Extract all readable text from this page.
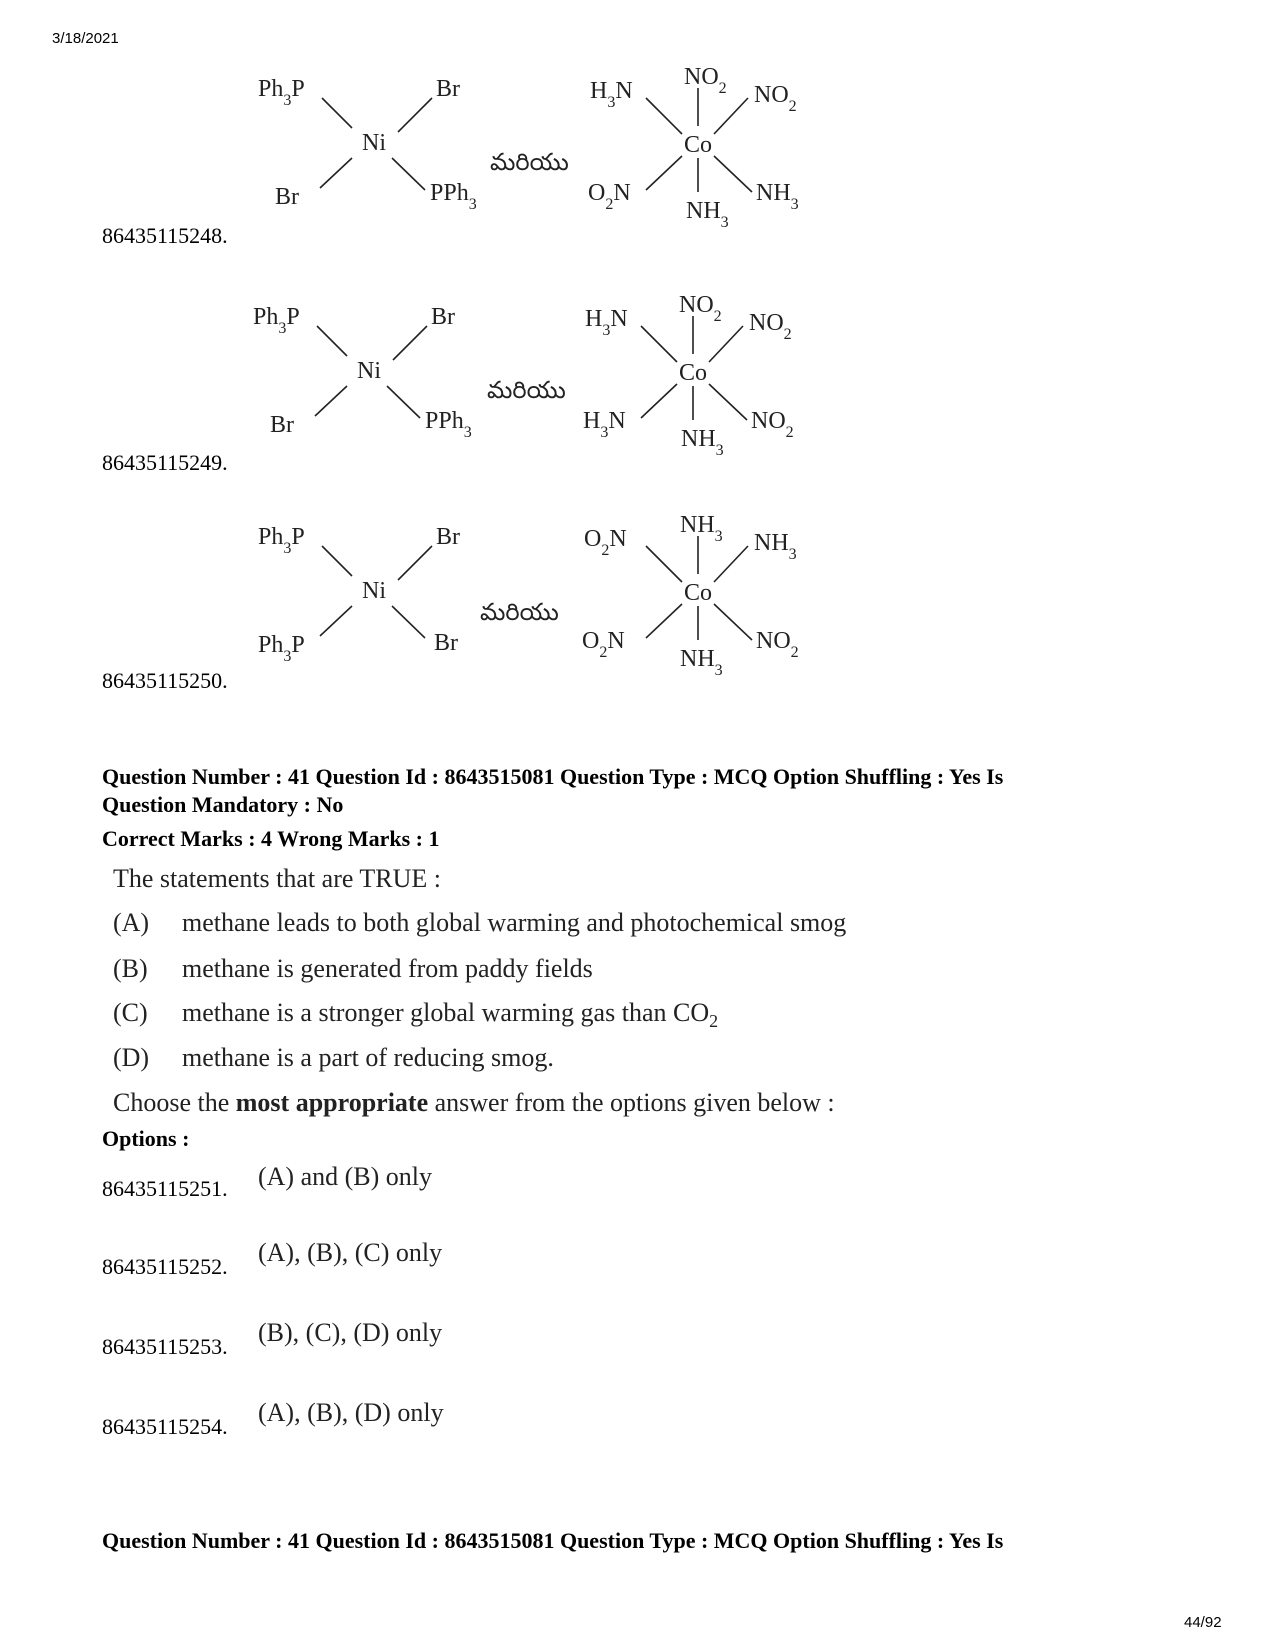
3/18/2021
86435115248.
Ni
$Ph_3P$	Br
Br	PPh$_3$
మరియు
Co
$NO_2$
$H_3N$	$NO_2$
$O_2N$	$NH_3$
$NH_3$
86435115249.
Ni
$Ph_3P$	Br
Br	PPh$_3$
మరియు
Co
$NO_2$
$H_3N$	$NO_2$
$H_3N$	$NO_2$
$NH_3$
86435115250.
Ni
$Ph_3P$	Br
$Ph_3P$	Br
మరియు
Co
$NH_3$
$O_2N$	$NH_3$
$O_2N$	$NO_2$
$NH_3$
Question Number : 41 Question Id : 8643515081 Question Type : MCQ Option Shuffling : Yes Is
Question Mandatory : No
Correct Marks : 4 Wrong Marks : 1
The statements that are TRUE :
(A) methane leads to both global warming and photochemical smog
(B) methane is generated from paddy fields
(C) methane is a stronger global warming gas than $CO_2$
(D) methane is a part of reducing smog.
Choose the most appropriate answer from the options given below :
Options :
86435115251. (A) and (B) only
86435115252. (A), (B), (C) only
86435115253. (B), (C), (D) only
86435115254. (A), (B), (D) only
Question Number : 41 Question Id : 8643515081 Question Type : MCQ Option Shuffling : Yes Is
44/92
